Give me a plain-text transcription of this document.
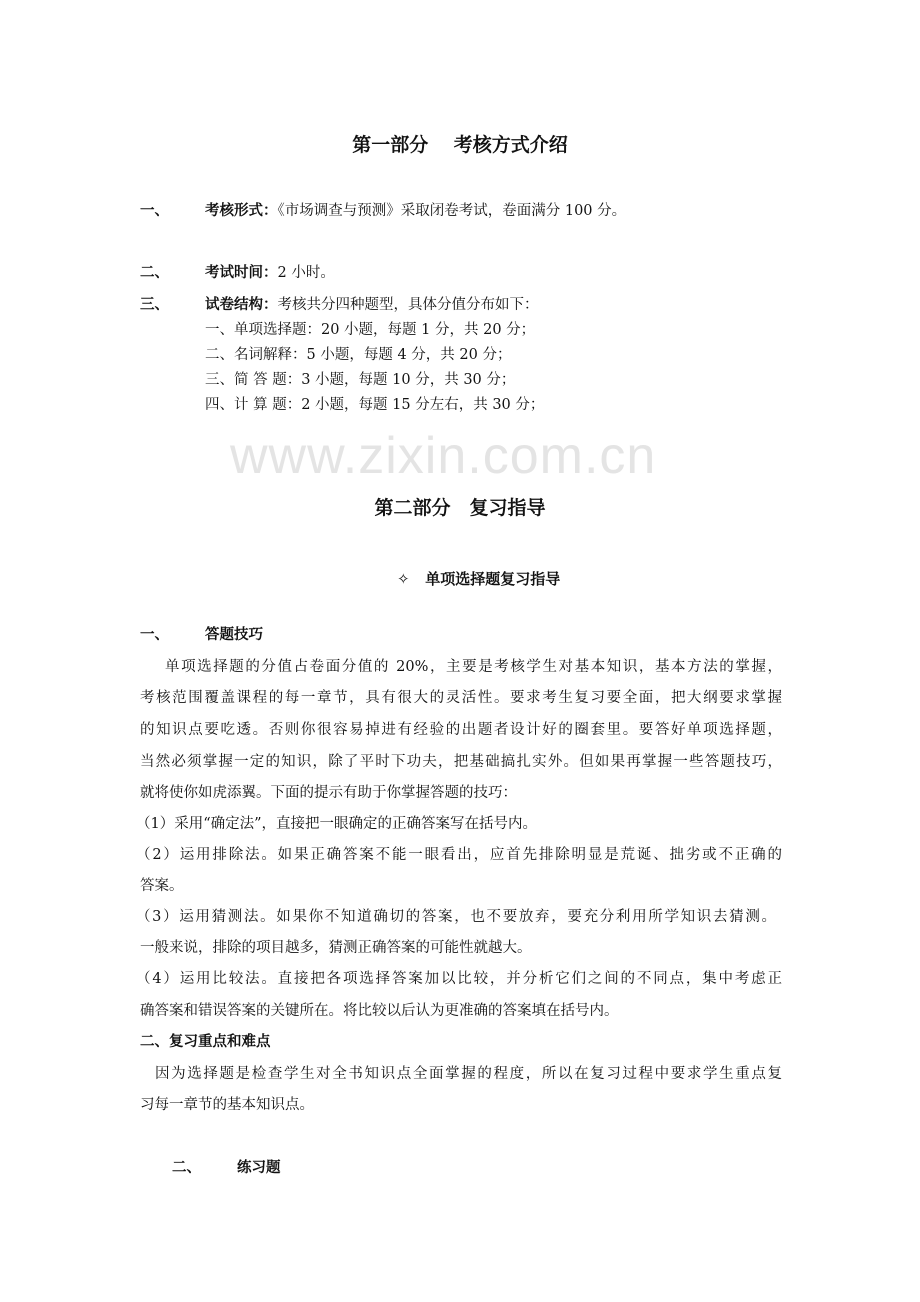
www.zixin.com.cn
第一部分　 考核方式介绍
一、 考核形式：《市场调查与预测》采取闭卷考试，卷面满分 100 分。
二、 考试时间：2 小时。
三、 试卷结构：考核共分四种题型，具体分值分布如下：
一、单项选择题：20 小题，每题 1 分，共 20 分；
二、名词解释：5 小题，每题 4 分，共 20 分；
三、简 答 题：3 小题，每题 10 分，共 30 分；
四、计 算 题：2 小题，每题 15 分左右，共 30 分；
第二部分　复习指导
✧ 单项选择题复习指导
一、 答题技巧
单项选择题的分值占卷面分值的 20%，主要是考核学生对基本知识，基本方法的掌握，
考核范围覆盖课程的每一章节，具有很大的灵活性。要求考生复习要全面，把大纲要求掌握
的知识点要吃透。否则你很容易掉进有经验的出题者设计好的圈套里。要答好单项选择题，
当然必须掌握一定的知识，除了平时下功夫，把基础搞扎实外。但如果再掌握一些答题技巧，
就将使你如虎添翼。下面的提示有助于你掌握答题的技巧：
（1）采用“确定法”，直接把一眼确定的正确答案写在括号内。
（2）运用排除法。如果正确答案不能一眼看出，应首先排除明显是荒诞、拙劣或不正确的
答案。
（3）运用猜测法。如果你不知道确切的答案，也不要放弃，要充分利用所学知识去猜测。
一般来说，排除的项目越多，猜测正确答案的可能性就越大。
（4）运用比较法。直接把各项选择答案加以比较，并分析它们之间的不同点，集中考虑正
确答案和错误答案的关键所在。将比较以后认为更准确的答案填在括号内。
二、复习重点和难点
因为选择题是检查学生对全书知识点全面掌握的程度，所以在复习过程中要求学生重点复
习每一章节的基本知识点。
二、 练习题
